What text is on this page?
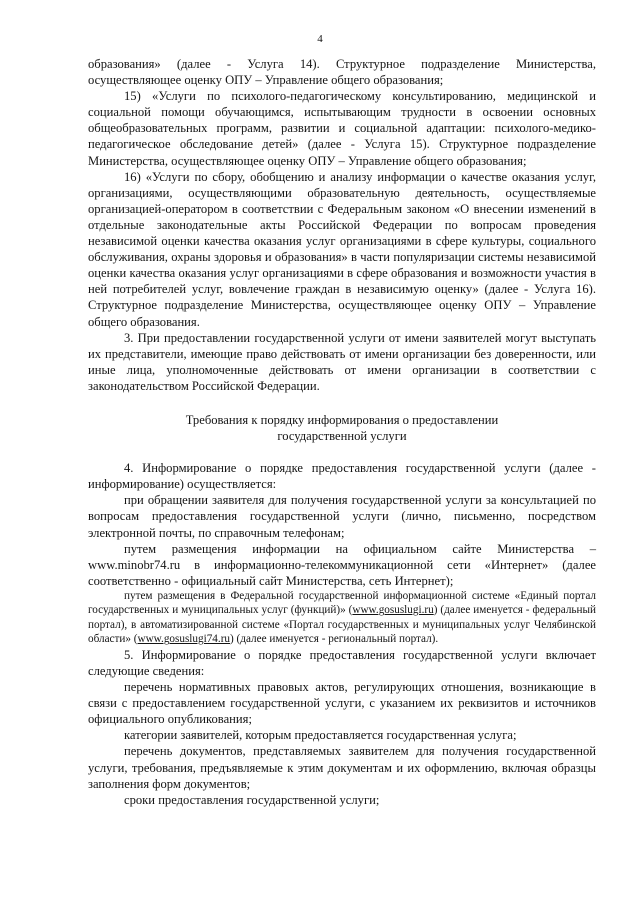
4

образования» (далее - Услуга 14). Структурное подразделение Министерства, осуществляющее оценку ОПУ – Управление общего образования;

15) «Услуги по психолого-педагогическому консультированию, медицинской и социальной помощи обучающимся, испытывающим трудности в освоении основных общеобразовательных программ, развитии и социальной адаптации: психолого-медико-педагогическое обследование детей» (далее - Услуга 15). Структурное подразделение Министерства, осуществляющее оценку ОПУ – Управление общего образования;

16) «Услуги по сбору, обобщению и анализу информации о качестве оказания услуг, организациями, осуществляющими образовательную деятельность, осуществляемые организацией-оператором в соответствии с Федеральным законом «О внесении изменений в отдельные законодательные акты Российской Федерации по вопросам проведения независимой оценки качества оказания услуг организациями в сфере культуры, социального обслуживания, охраны здоровья и образования» в части популяризации системы независимой оценки качества оказания услуг организациями в сфере образования и возможности участия в ней потребителей услуг, вовлечение граждан в независимую оценку» (далее - Услуга 16). Структурное подразделение Министерства, осуществляющее оценку ОПУ – Управление общего образования.

3. При предоставлении государственной услуги от имени заявителей могут выступать их представители, имеющие право действовать от имени организации без доверенности, или иные лица, уполномоченные действовать от имени организации в соответствии с законодательством Российской Федерации.

Требования к порядку информирования о предоставлении государственной услуги

4. Информирование о порядке предоставления государственной услуги (далее - информирование) осуществляется:

при обращении заявителя для получения государственной услуги за консультацией по вопросам предоставления государственной услуги (лично, письменно, посредством электронной почты, по справочным телефонам;

путем размещения информации на официальном сайте Министерства – www.minobr74.ru в информационно-телекоммуникационной сети «Интернет» (далее соответственно - официальный сайт Министерства, сеть Интернет);

путем размещения в Федеральной государственной информационной системе «Единый портал государственных и муниципальных услуг (функций)» (www.gosuslugi.ru) (далее именуется - федеральный портал), в автоматизированной системе «Портал государственных и муниципальных услуг Челябинской области» (www.gosuslugi74.ru) (далее именуется - региональный портал).

5. Информирование о порядке предоставления государственной услуги включает следующие сведения:

перечень нормативных правовых актов, регулирующих отношения, возникающие в связи с предоставлением государственной услуги, с указанием их реквизитов и источников официального опубликования;

категории заявителей, которым предоставляется государственная услуга;

перечень документов, представляемых заявителем для получения государственной услуги, требования, предъявляемые к этим документам и их оформлению, включая образцы заполнения форм документов;

сроки предоставления государственной услуги;
